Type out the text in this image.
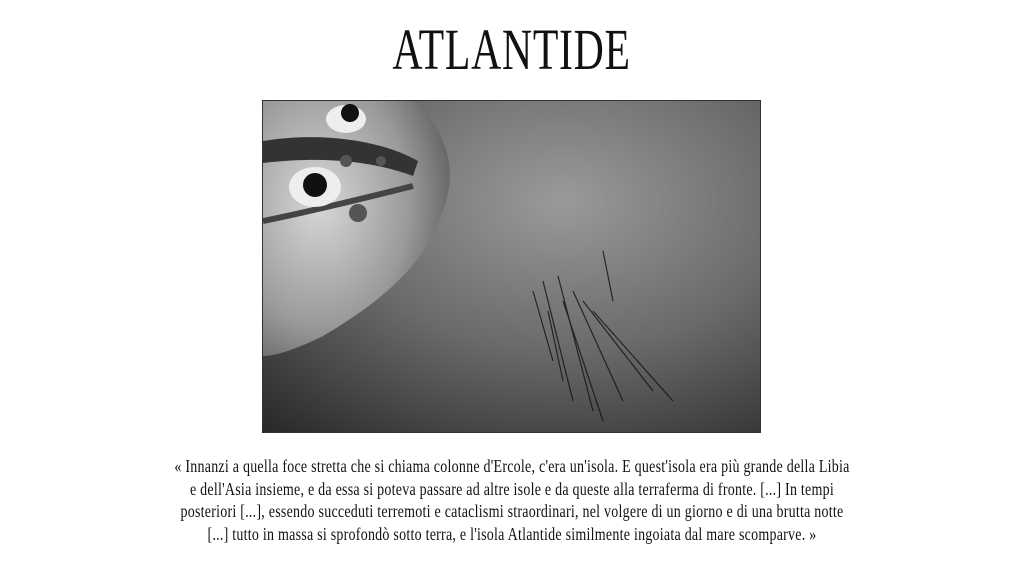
ATLANTIDE
« Innanzi a quella foce stretta che si chiama colonne d'Ercole, c'era un'isola. E quest'isola era più grande della Libia
e dell'Asia insieme, e da essa si poteva passare ad altre isole e da queste alla terraferma di fronte. [...] In tempi
posteriori [...], essendo succeduti terremoti e cataclismi straordinari, nel volgere di un giorno e di una brutta notte
[...] tutto in massa si sprofondò sotto terra, e l'isola Atlantide similmente ingoiata dal mare scomparve. »
